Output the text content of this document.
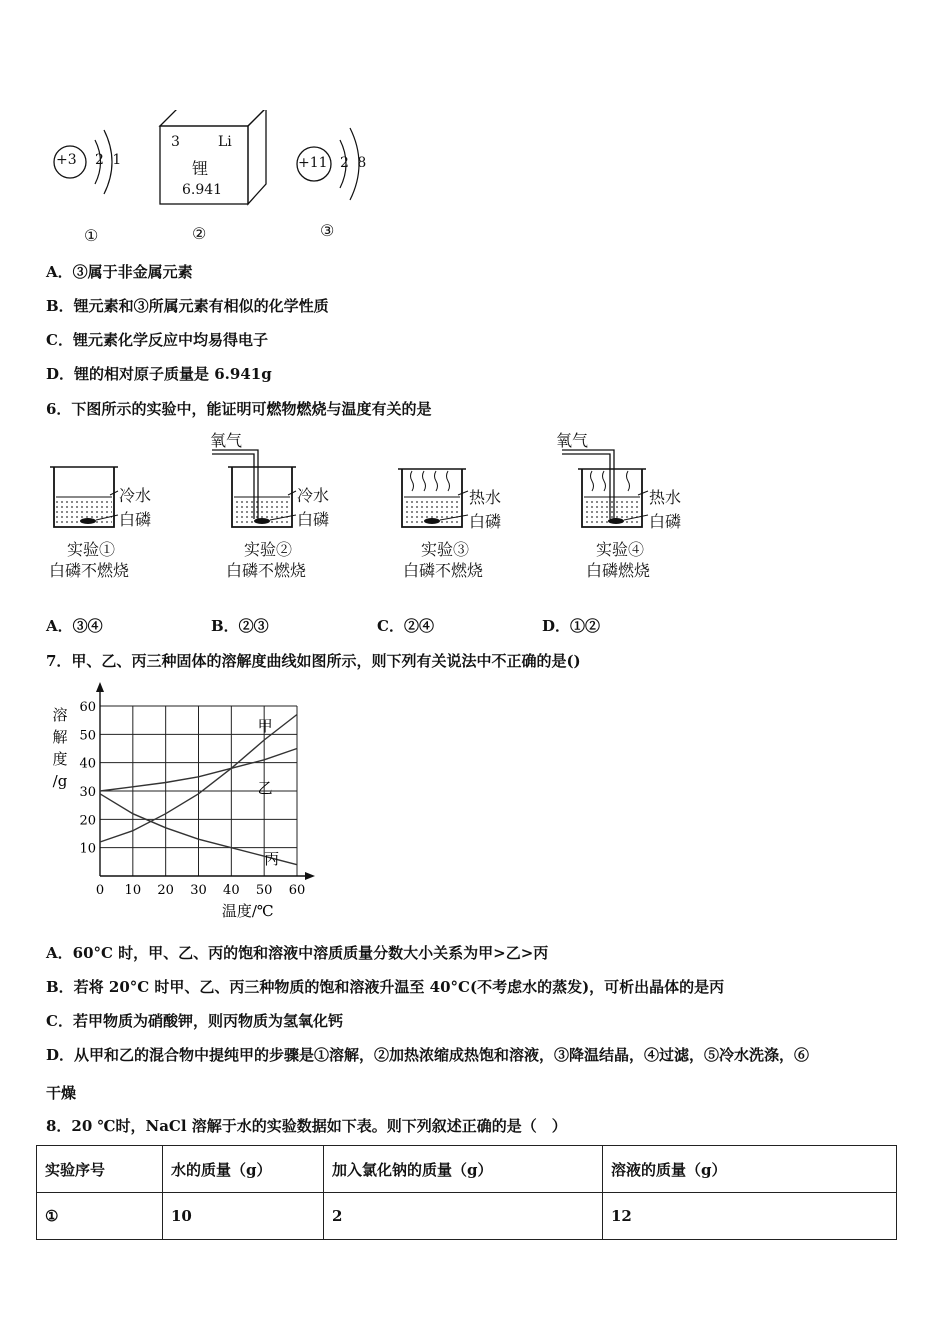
+3 2 1
①
3	Li
锂
6.941
②
+11 2 8
③
A．③属于非金属元素
B．锂元素和③所属元素有相似的化学性质
C．锂元素化学反应中均易得电子
D．锂的相对原子质量是 6.941g
6．下图所示的实验中，能证明可燃物燃烧与温度有关的是
氧气	氧气
冷水
白磷
冷水
白磷
热水
白磷
热水
白磷
实验①
白磷不燃烧
实验②
白磷不燃烧
实验③
白磷不燃烧
实验④
白磷燃烧
A．③④	B．②③	C．②④	D．①②
7．甲、乙、丙三种固体的溶解度曲线如图所示，则下列有关说法中不正确的是()
0 10 20 30 40 50 60
10
20
30
40
50
60
溶
解
度
/g
温度/℃
甲
乙
丙
A．60°C 时，甲、乙、丙的饱和溶液中溶质质量分数大小关系为甲>乙>丙
B．若将 20°C 时甲、乙、丙三种物质的饱和溶液升温至 40°C(不考虑水的蒸发)，可析出晶体的是丙
C．若甲物质为硝酸钾，则丙物质为氢氧化钙
D．从甲和乙的混合物中提纯甲的步骤是①溶解，②加热浓缩成热饱和溶液，③降温结晶，④过滤，⑤冷水洗涤，⑥
干燥
8．20 ℃时，NaCl 溶解于水的实验数据如下表。则下列叙述正确的是（　）
实验序号	水的质量（g）	加入氯化钠的质量（g）	溶液的质量（g）
①	10	2	12
